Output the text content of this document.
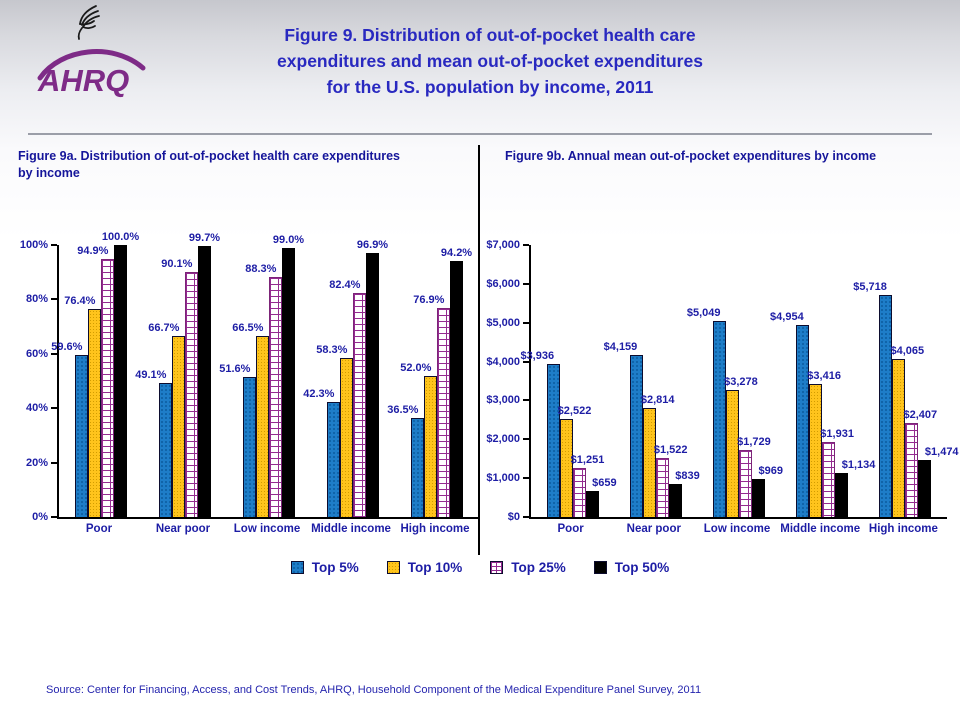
AHRQ
Figure 9. Distribution of out-of-pocket health care
expenditures and mean out-of-pocket expenditures
for the U.S. population by income, 2011
Figure 9a. Distribution of out-of-pocket health care expenditures by income
Figure 9b. Annual mean out-of-pocket expenditures by income
0%
20%
40%
60%
80%
100%
59.6%
76.4%
94.9%
100.0%
49.1%
66.7%
90.1%
99.7%
51.6%
66.5%
88.3%
99.0%
42.3%
58.3%
82.4%
96.9%
36.5%
52.0%
76.9%
94.2%
Poor	Near poor	Low income Middle income High income
$0
$1,000
$2,000
$3,000
$4,000
$5,000
$6,000
$7,000
$3,936
$2,522
$1,251
$659
$4,159
$2,814
$1,522
$839
$5,049
$3,278
$1,729
$969
$4,954
$3,416
$1,931
$1,134
$5,718
$4,065
$2,407
$1,474
Poor	Near poor	Low income Middle income High income
Top 5%	Top 10%	Top 25%	Top 50%
Source: Center for Financing, Access, and Cost Trends, AHRQ, Household Component of the Medical Expenditure Panel Survey, 2011
